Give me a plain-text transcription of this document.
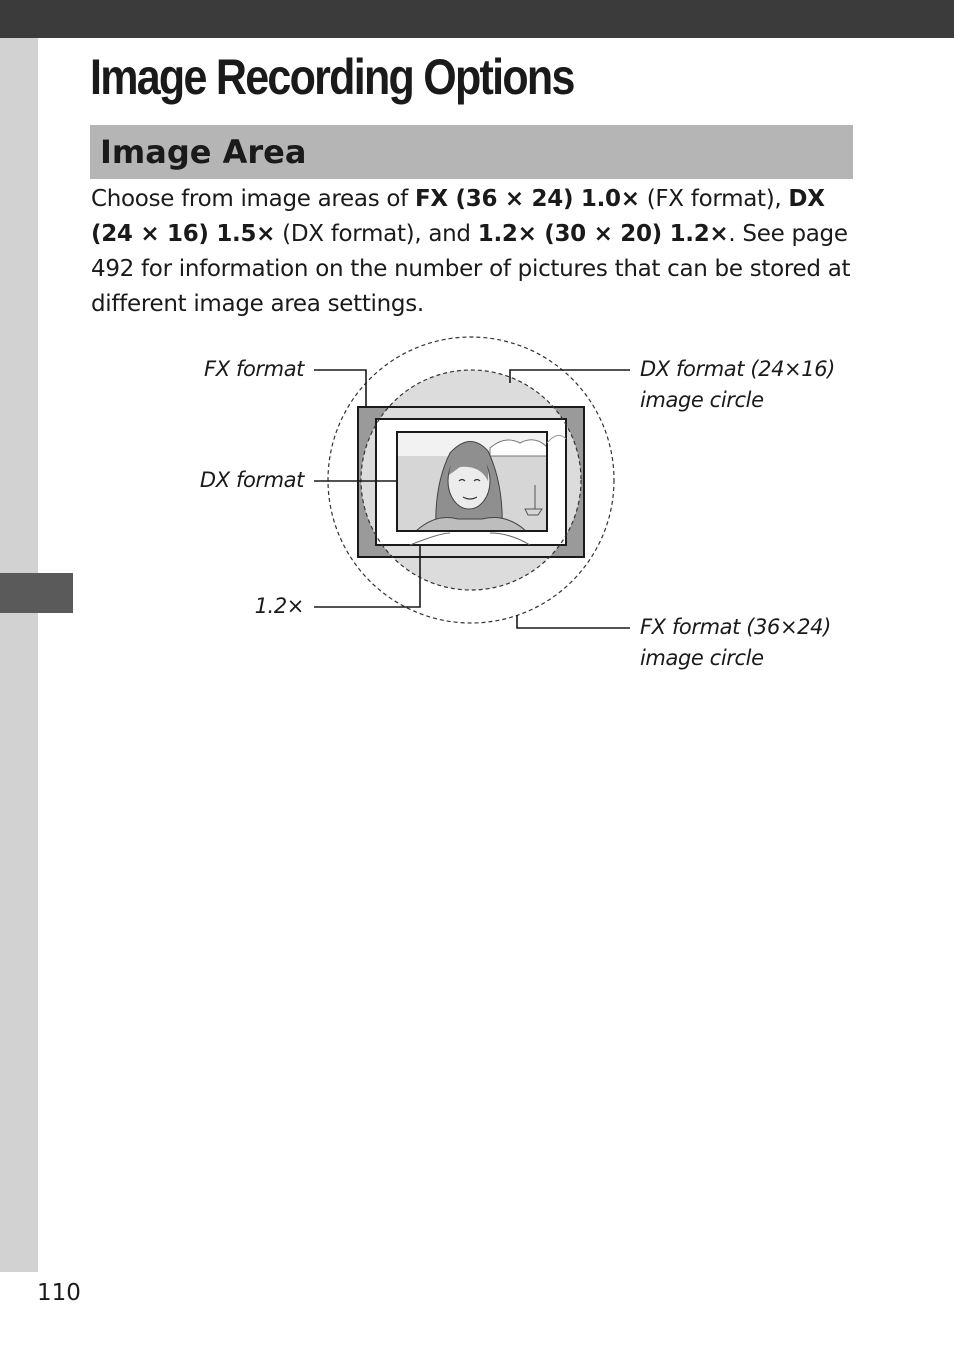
Image Recording Options
Image Area

Choose from image areas of FX (36 × 24) 1.0× (FX format), DX (24 × 16) 1.5× (DX format), and 1.2× (30 × 20) 1.2×. See page 492 for information on the number of pictures that can be stored at different image area settings.

FX format
DX format
1.2×
DX format (24×16)
image circle
FX format (36×24)
image circle
110
